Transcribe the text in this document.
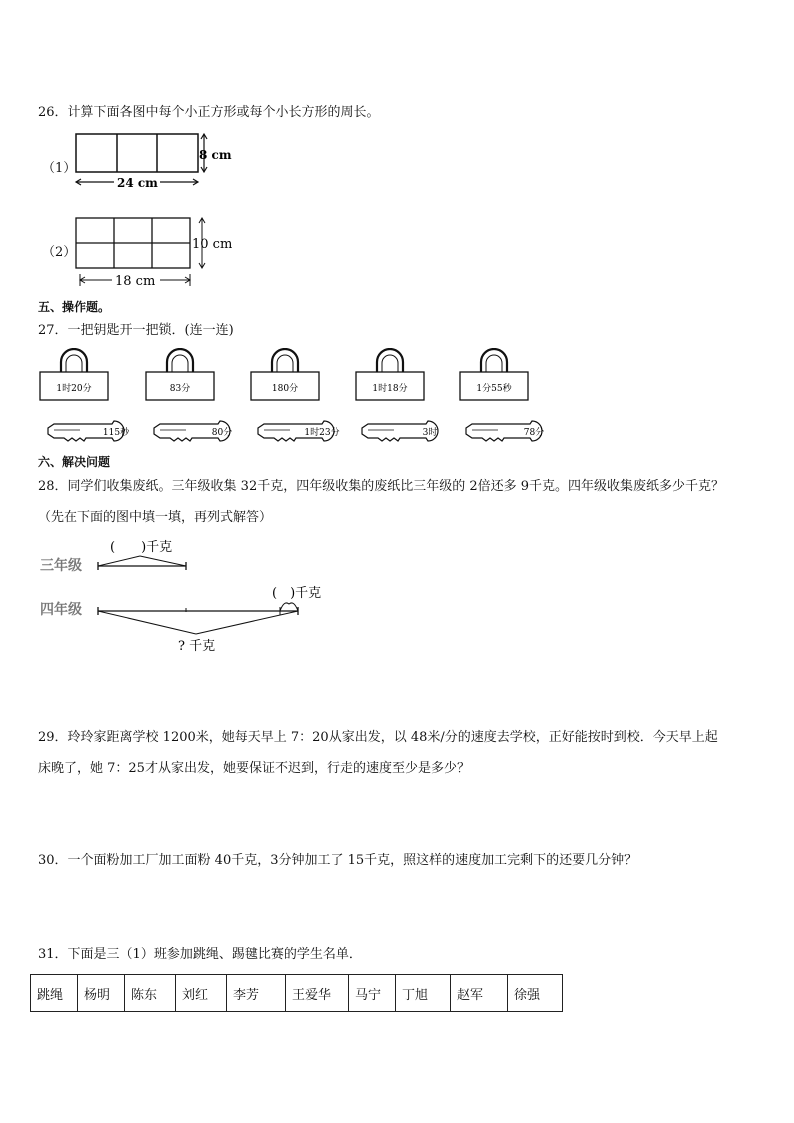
26．计算下面各图中每个小正方形或每个小长方形的周长。
（1）
8 cm
24 cm
（2）
10 cm
18 cm
五、操作题。
27．一把钥匙开一把锁．(连一连)
1时20分	83分	180分	1时18分	1分55秒
115秒	80分	1时23分	3时	78分
六、解决问题
28．同学们收集废纸。三年级收集 32千克，四年级收集的废纸比三年级的 2倍还多 9千克。四年级收集废纸多少千克？
（先在下面的图中填一填，再列式解答）
三年级
(　　)千克
四年级
(　)千克
? 千克
29．玲玲家距离学校 1200米，她每天早上 7：20从家出发，以 48米/分的速度去学校，正好能按时到校．今天早上起
床晚了，她 7：25才从家出发，她要保证不迟到，行走的速度至少是多少？
30．一个面粉加工厂加工面粉 40千克，3分钟加工了 15千克，照这样的速度加工完剩下的还要几分钟？
31．下面是三（1）班参加跳绳、踢毽比赛的学生名单．
跳绳	杨明	陈东	刘红	李芳	王爱华	马宁	丁旭	赵军	徐强
